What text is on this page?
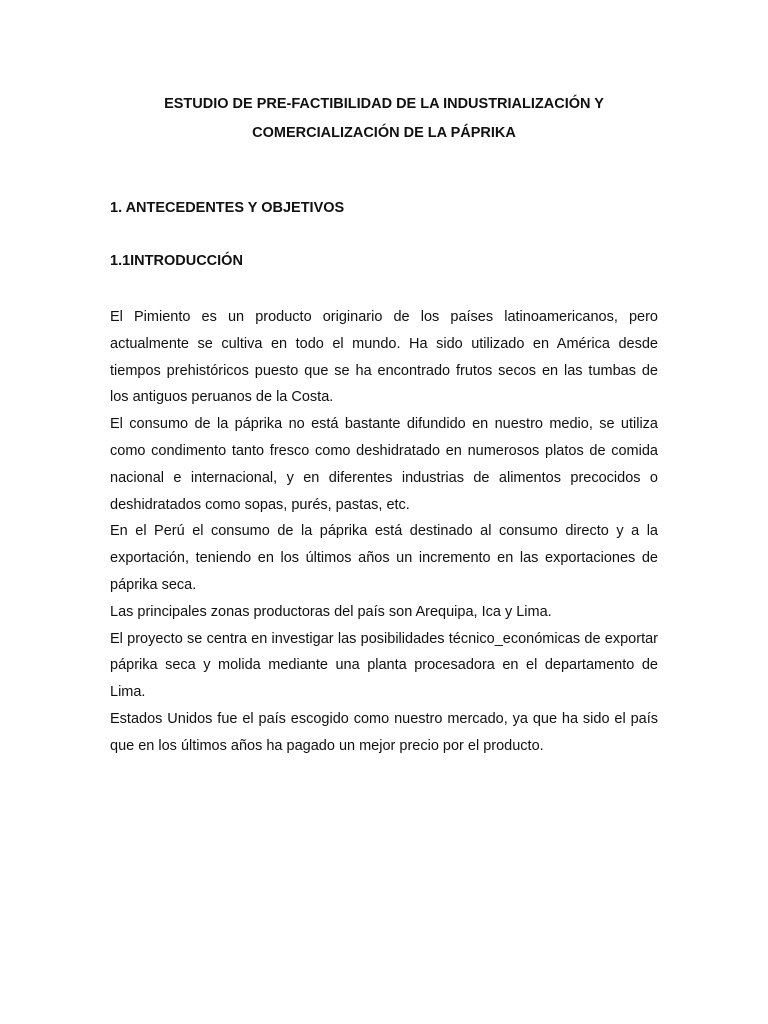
ESTUDIO DE PRE-FACTIBILIDAD DE LA INDUSTRIALIZACIÓN Y
COMERCIALIZACIÓN DE LA PÁPRIKA
1. ANTECEDENTES Y OBJETIVOS
1.1INTRODUCCIÓN

El Pimiento es un producto originario de los países latinoamericanos, pero actualmente se cultiva en todo el mundo. Ha sido utilizado en América desde tiempos prehistóricos puesto que se ha encontrado frutos secos en las tumbas de los antiguos peruanos de la Costa.

El consumo de la páprika no está bastante difundido en nuestro medio, se utiliza como condimento tanto fresco como deshidratado en numerosos platos de comida nacional e internacional, y en diferentes industrias de alimentos precocidos o deshidratados como sopas, purés, pastas, etc.

En el Perú el consumo de la páprika está destinado al consumo directo y a la exportación, teniendo en los últimos años un incremento en las exportaciones de páprika seca.

Las principales zonas productoras del país son Arequipa, Ica y Lima.

El proyecto se centra en investigar las posibilidades técnico_económicas de exportar páprika seca y molida mediante una planta procesadora en el departamento de Lima.

Estados Unidos fue el país escogido como nuestro mercado, ya que ha sido el país que en los últimos años ha pagado un mejor precio por el producto.
